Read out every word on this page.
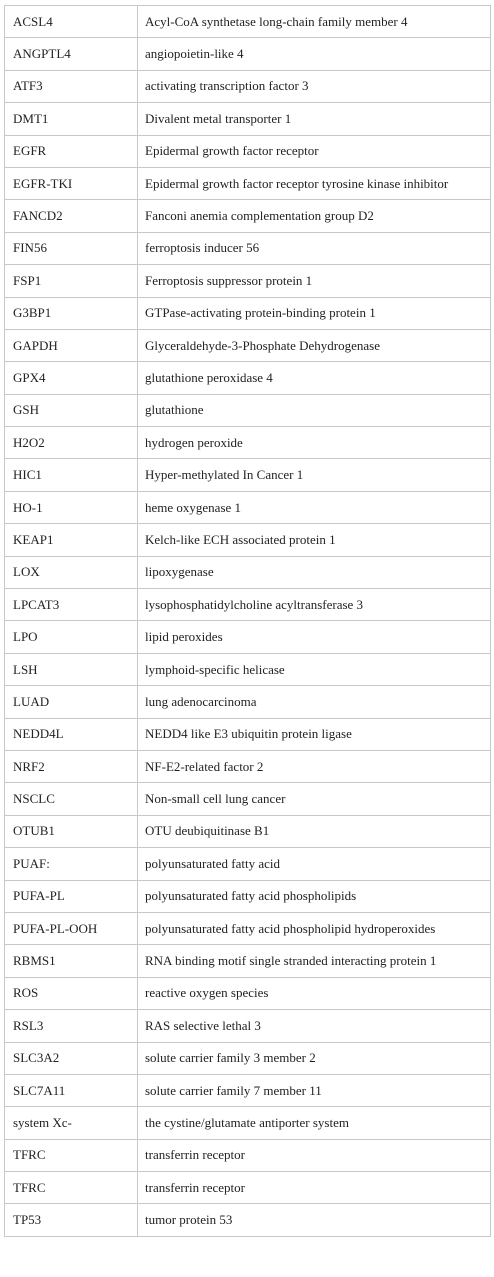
ACSL4	Acyl-CoA synthetase long-chain family member 4
ANGPTL4	angiopoietin-like 4
ATF3	activating transcription factor 3
DMT1	Divalent metal transporter 1
EGFR	Epidermal growth factor receptor
EGFR-TKI	Epidermal growth factor receptor tyrosine kinase inhibitor
FANCD2	Fanconi anemia complementation group D2
FIN56	ferroptosis inducer 56
FSP1	Ferroptosis suppressor protein 1
G3BP1	GTPase-activating protein-binding protein 1
GAPDH	Glyceraldehyde-3-Phosphate Dehydrogenase
GPX4	glutathione peroxidase 4
GSH	glutathione
H2O2	hydrogen peroxide
HIC1	Hyper-methylated In Cancer 1
HO-1	heme oxygenase 1
KEAP1	Kelch-like ECH associated protein 1
LOX	lipoxygenase
LPCAT3	lysophosphatidylcholine acyltransferase 3
LPO	lipid peroxides
LSH	lymphoid-specific helicase
LUAD	lung adenocarcinoma
NEDD4L	NEDD4 like E3 ubiquitin protein ligase
NRF2	NF-E2-related factor 2
NSCLC	Non-small cell lung cancer
OTUB1	OTU deubiquitinase B1
PUAF:	polyunsaturated fatty acid
PUFA-PL	polyunsaturated fatty acid phospholipids
PUFA-PL-OOH	polyunsaturated fatty acid phospholipid hydroperoxides
RBMS1	RNA binding motif single stranded interacting protein 1
ROS	reactive oxygen species
RSL3	RAS selective lethal 3
SLC3A2	solute carrier family 3 member 2
SLC7A11	solute carrier family 7 member 11
system Xc-	the cystine/glutamate antiporter system
TFRC	transferrin receptor
TFRC	transferrin receptor
TP53	tumor protein 53
